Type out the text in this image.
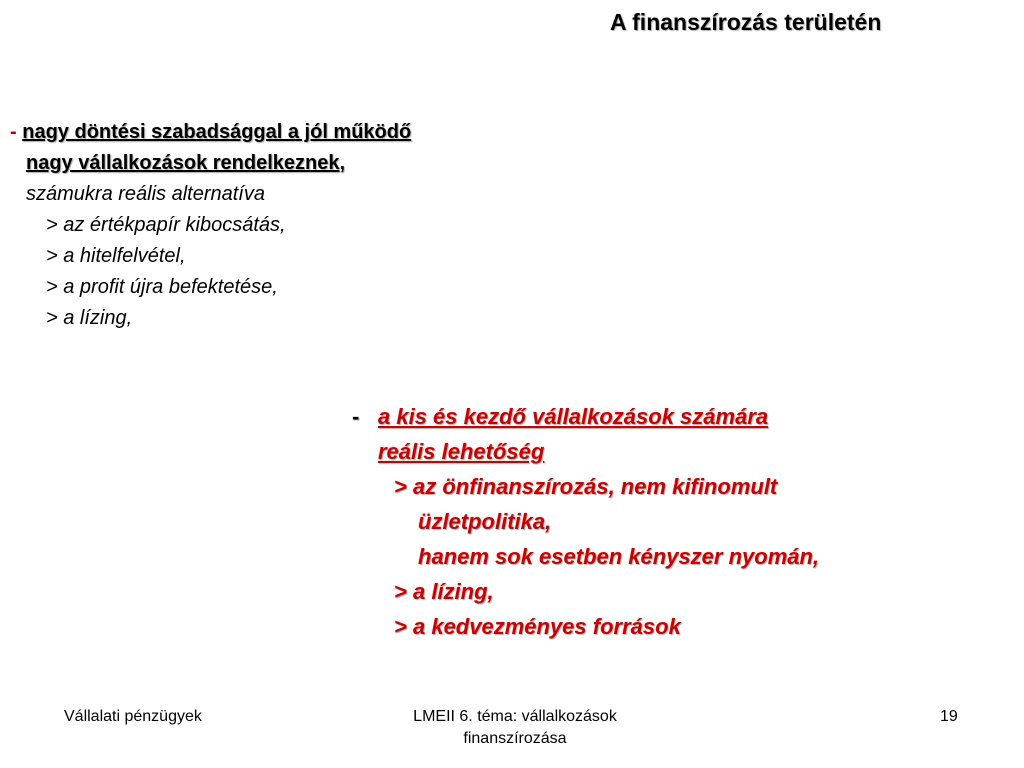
A finanszírozás területén
- nagy döntési szabadsággal a jól működő
nagy vállalkozások rendelkeznek,
számukra reális alternatíva
> az értékpapír kibocsátás,
> a hitelfelvétel,
> a profit újra befektetése,
> a lízing,
- a kis és kezdő vállalkozások számára
reális lehetőség
> az önfinanszírozás, nem kifinomult
üzletpolitika,
hanem sok esetben kényszer nyomán,
> a lízing,
> a kedvezményes források
Vállalati pénzügyek	LMEII 6. téma: vállalkozások
finanszírozása
19
